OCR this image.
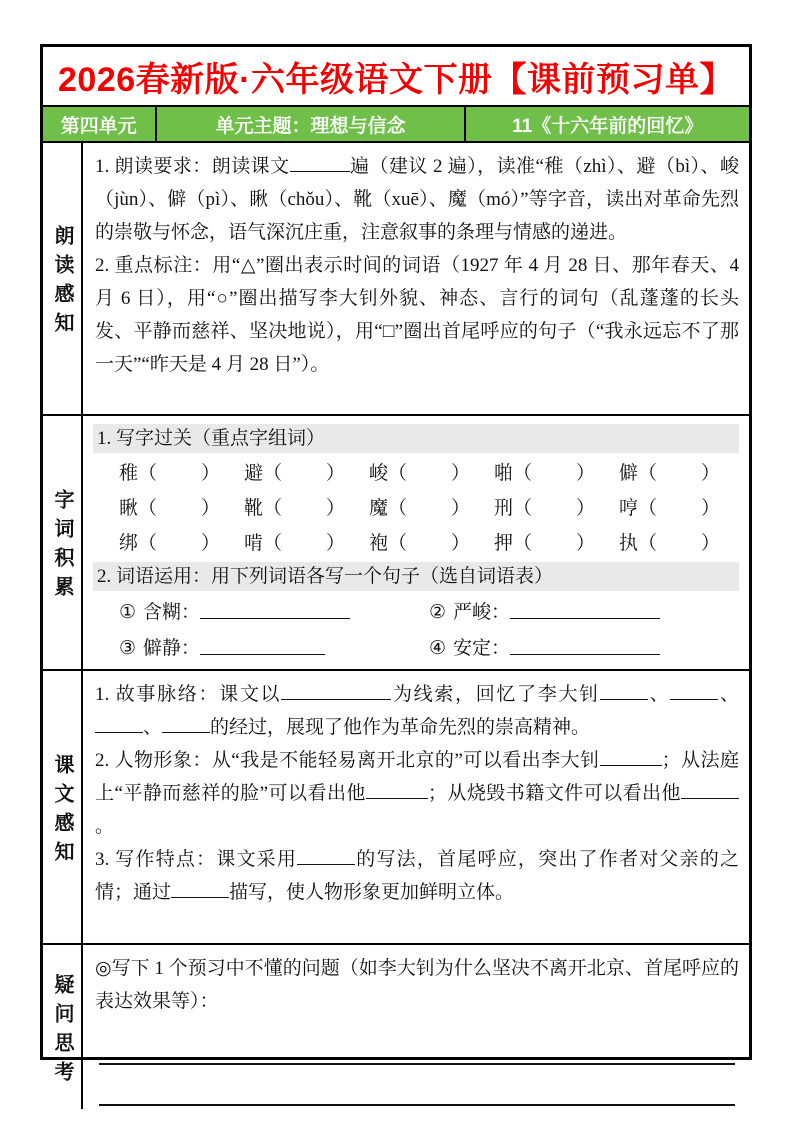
2026春新版·六年级语文下册【课前预习单】
第四单元	单元主题：理想与信念	11《十六年前的回忆》
朗读感知

1. 朗读要求：朗读课文	遍（建议 2 遍），读准“稚（zhì）、避（bì）、峻（jùn）、僻（pì）、瞅（chǒu）、靴（xuē）、魔（mó）”等字音，读出对革命先烈的崇敬与怀念，语气深沉庄重，注意叙事的条理与情感的递进。

2. 重点标注：用“△”圈出表示时间的词语（1927 年 4 月 28 日、那年春天、4 月 6 日），用“○”圈出描写李大钊外貌、神态、言行的词句（乱蓬蓬的长头发、平静而慈祥、坚决地说），用“□”圈出首尾呼应的句子（“我永远忘不了那一天”“昨天是 4 月 28 日”）。

字词积累
1. 写字过关（重点字组词）
稚（ ）	避（ ）	峻（ ）	啪（ ）	僻（ ）
瞅（ ）	靴（ ）	魔（ ）	刑（ ）	哼（ ）
绑（ ）	啃（ ）	袍（ ）	押（ ）	执（ ）
2. 词语运用：用下列词语各写一个句子（选自词语表）
① 含糊：	② 严峻：
③ 僻静：	④ 安定：
课文感知

1. 故事脉络：课文以	为线索，回忆了李大钊	、	、、	的经过，展现了他作为革命先烈的崇高精神。

2. 人物形象：从“我是不能轻易离开北京的”可以看出李大钊	；从法庭上“平静而慈祥的脸”可以看出他	；从烧毁书籍文件可以看出他。

3. 写作特点：课文采用	的写法，首尾呼应，突出了作者对父亲的之情；通过	描写，使人物形象更加鲜明立体。

疑问思考

◎写下 1 个预习中不懂的问题（如李大钊为什么坚决不离开北京、首尾呼应的表达效果等）：
